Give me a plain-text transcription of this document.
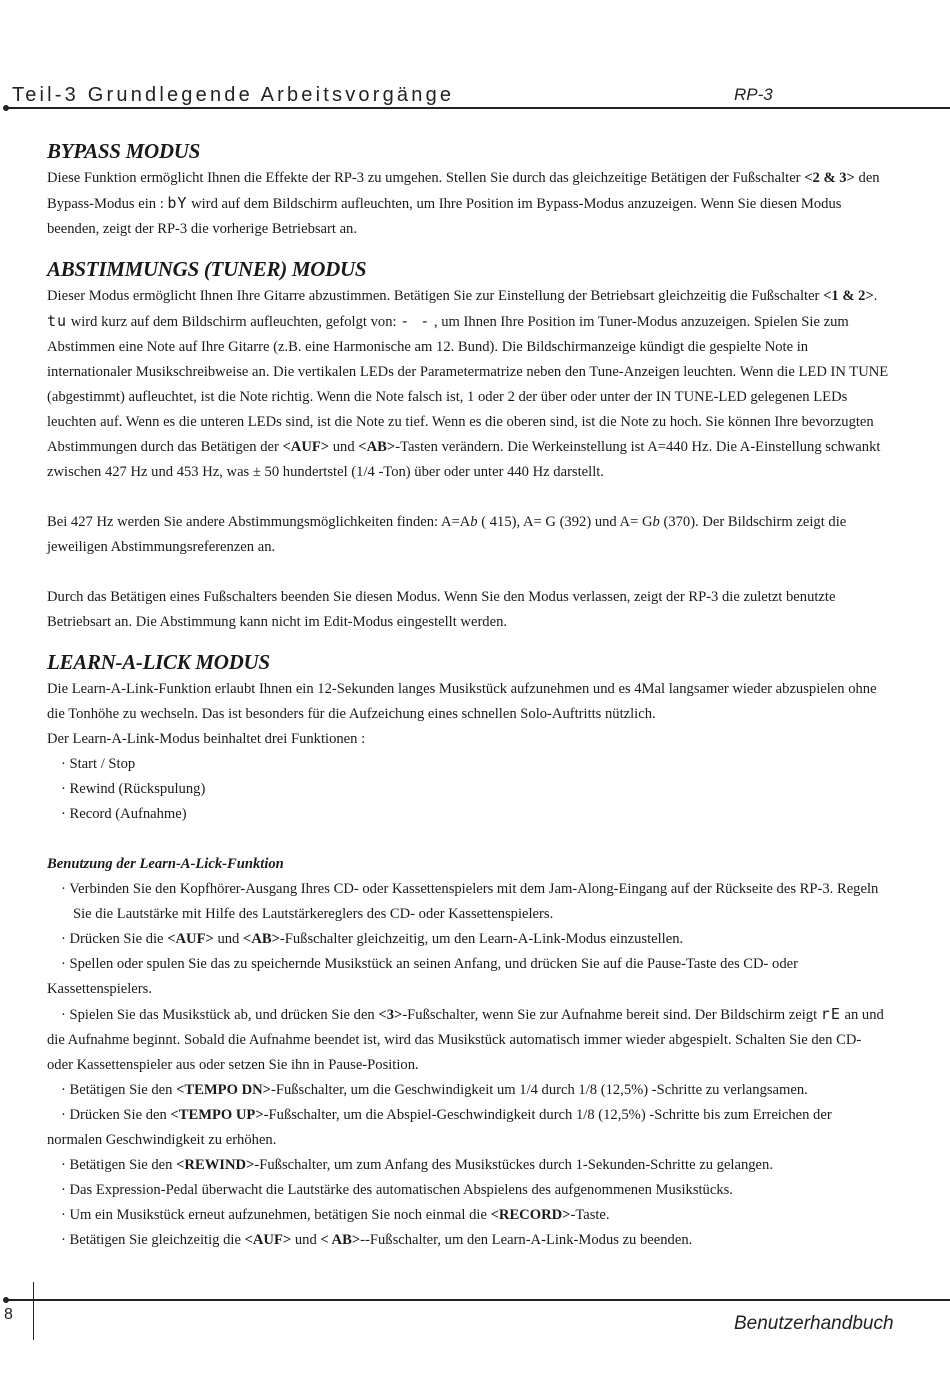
Teil-3 Grundlegende Arbeitsvorgänge	RP-3
BYPASS MODUS

Diese Funktion ermöglicht Ihnen die Effekte der RP-3 zu umgehen. Stellen Sie durch das gleichzeitige Betätigen der Fußschalter <2 & 3> den Bypass-Modus ein : bY wird auf dem Bildschirm aufleuchten, um Ihre Position im Bypass-Modus anzuzeigen. Wenn Sie diesen Modus beenden, zeigt der RP-3 die vorherige Betriebsart an.

ABSTIMMUNGS (TUNER) MODUS

Dieser Modus ermöglicht Ihnen Ihre Gitarre abzustimmen. Betätigen Sie zur Einstellung der Betriebsart gleichzeitig die Fußschalter <1 & 2>. tu wird kurz auf dem Bildschirm aufleuchten, gefolgt von: - - , um Ihnen Ihre Position im Tuner-Modus anzuzeigen. Spielen Sie zum Abstimmen eine Note auf Ihre Gitarre (z.B. eine Harmonische am 12. Bund). Die Bildschirmanzeige kündigt die gespielte Note in internationaler Musikschreibweise an. Die vertikalen LEDs der Parametermatrize neben den Tune-Anzeigen leuchten. Wenn die LED IN TUNE (abgestimmt) aufleuchtet, ist die Note richtig. Wenn die Note falsch ist, 1 oder 2 der über oder unter der IN TUNE-LED gelegenen LEDs leuchten auf. Wenn es die unteren LEDs sind, ist die Note zu tief. Wenn es die oberen sind, ist die Note zu hoch. Sie können Ihre bevorzugten Abstimmungen durch das Betätigen der <AUF> und <AB>-Tasten verändern. Die Werkeinstellung ist A=440 Hz. Die A-Einstellung schwankt zwischen 427 Hz und 453 Hz, was ± 50 hundertstel (1/4 -Ton) über oder unter 440 Hz darstellt.

Bei 427 Hz werden Sie andere Abstimmungsmöglichkeiten finden: A=Ab ( 415), A= G (392) und A= Gb (370). Der Bildschirm zeigt die jeweiligen Abstimmungsreferenzen an.

Durch das Betätigen eines Fußschalters beenden Sie diesen Modus. Wenn Sie den Modus verlassen, zeigt der RP-3 die zuletzt benutzte Betriebsart an. Die Abstimmung kann nicht im Edit-Modus eingestellt werden.

LEARN-A-LICK MODUS

Die Learn-A-Link-Funktion erlaubt Ihnen ein 12-Sekunden langes Musikstück aufzunehmen und es 4Mal langsamer wieder abzuspielen ohne die Tonhöhe zu wechseln. Das ist besonders für die Aufzeichung eines schnellen Solo-Auftritts nützlich.

Der Learn-A-Link-Modus beinhaltet drei Funktionen :

· Start / Stop

· Rewind (Rückspulung)

· Record (Aufnahme)

Benutzung der Learn-A-Lick-Funktion

· Verbinden Sie den Kopfhörer-Ausgang Ihres CD- oder Kassettenspielers mit dem Jam-Along-Eingang auf der Rückseite des RP-3. Regeln Sie die Lautstärke mit Hilfe des Lautstärkereglers des CD- oder Kassettenspielers.

· Drücken Sie die <AUF> und <AB>-Fußschalter gleichzeitig, um den Learn-A-Link-Modus einzustellen.

· Spellen oder spulen Sie das zu speichernde Musikstück an seinen Anfang, und drücken Sie auf die Pause-Taste des CD- oder Kassettenspielers.

· Spielen Sie das Musikstück ab, und drücken Sie den <3>-Fußschalter, wenn Sie zur Aufnahme bereit sind. Der Bildschirm zeigt rE an und die Aufnahme beginnt. Sobald die Aufnahme beendet ist, wird das Musikstück automatisch immer wieder abgespielt. Schalten Sie den CD- oder Kassettenspieler aus oder setzen Sie ihn in Pause-Position.

· Betätigen Sie den <TEMPO DN>-Fußschalter, um die Geschwindigkeit um 1/4 durch 1/8 (12,5%) -Schritte zu verlangsamen.

· Drücken Sie den <TEMPO UP>-Fußschalter, um die Abspiel-Geschwindigkeit durch 1/8 (12,5%) -Schritte bis zum Erreichen der normalen Geschwindigkeit zu erhöhen.

· Betätigen Sie den <REWIND>-Fußschalter, um zum Anfang des Musikstückes durch 1-Sekunden-Schritte zu gelangen.

· Das Expression-Pedal überwacht die Lautstärke des automatischen Abspielens des aufgenommenen Musikstücks.

· Um ein Musikstück erneut aufzunehmen, betätigen Sie noch einmal die <RECORD>-Taste.

· Betätigen Sie gleichzeitig die <AUF> und < AB>--Fußschalter, um den Learn-A-Link-Modus zu beenden.

8	Benutzerhandbuch
